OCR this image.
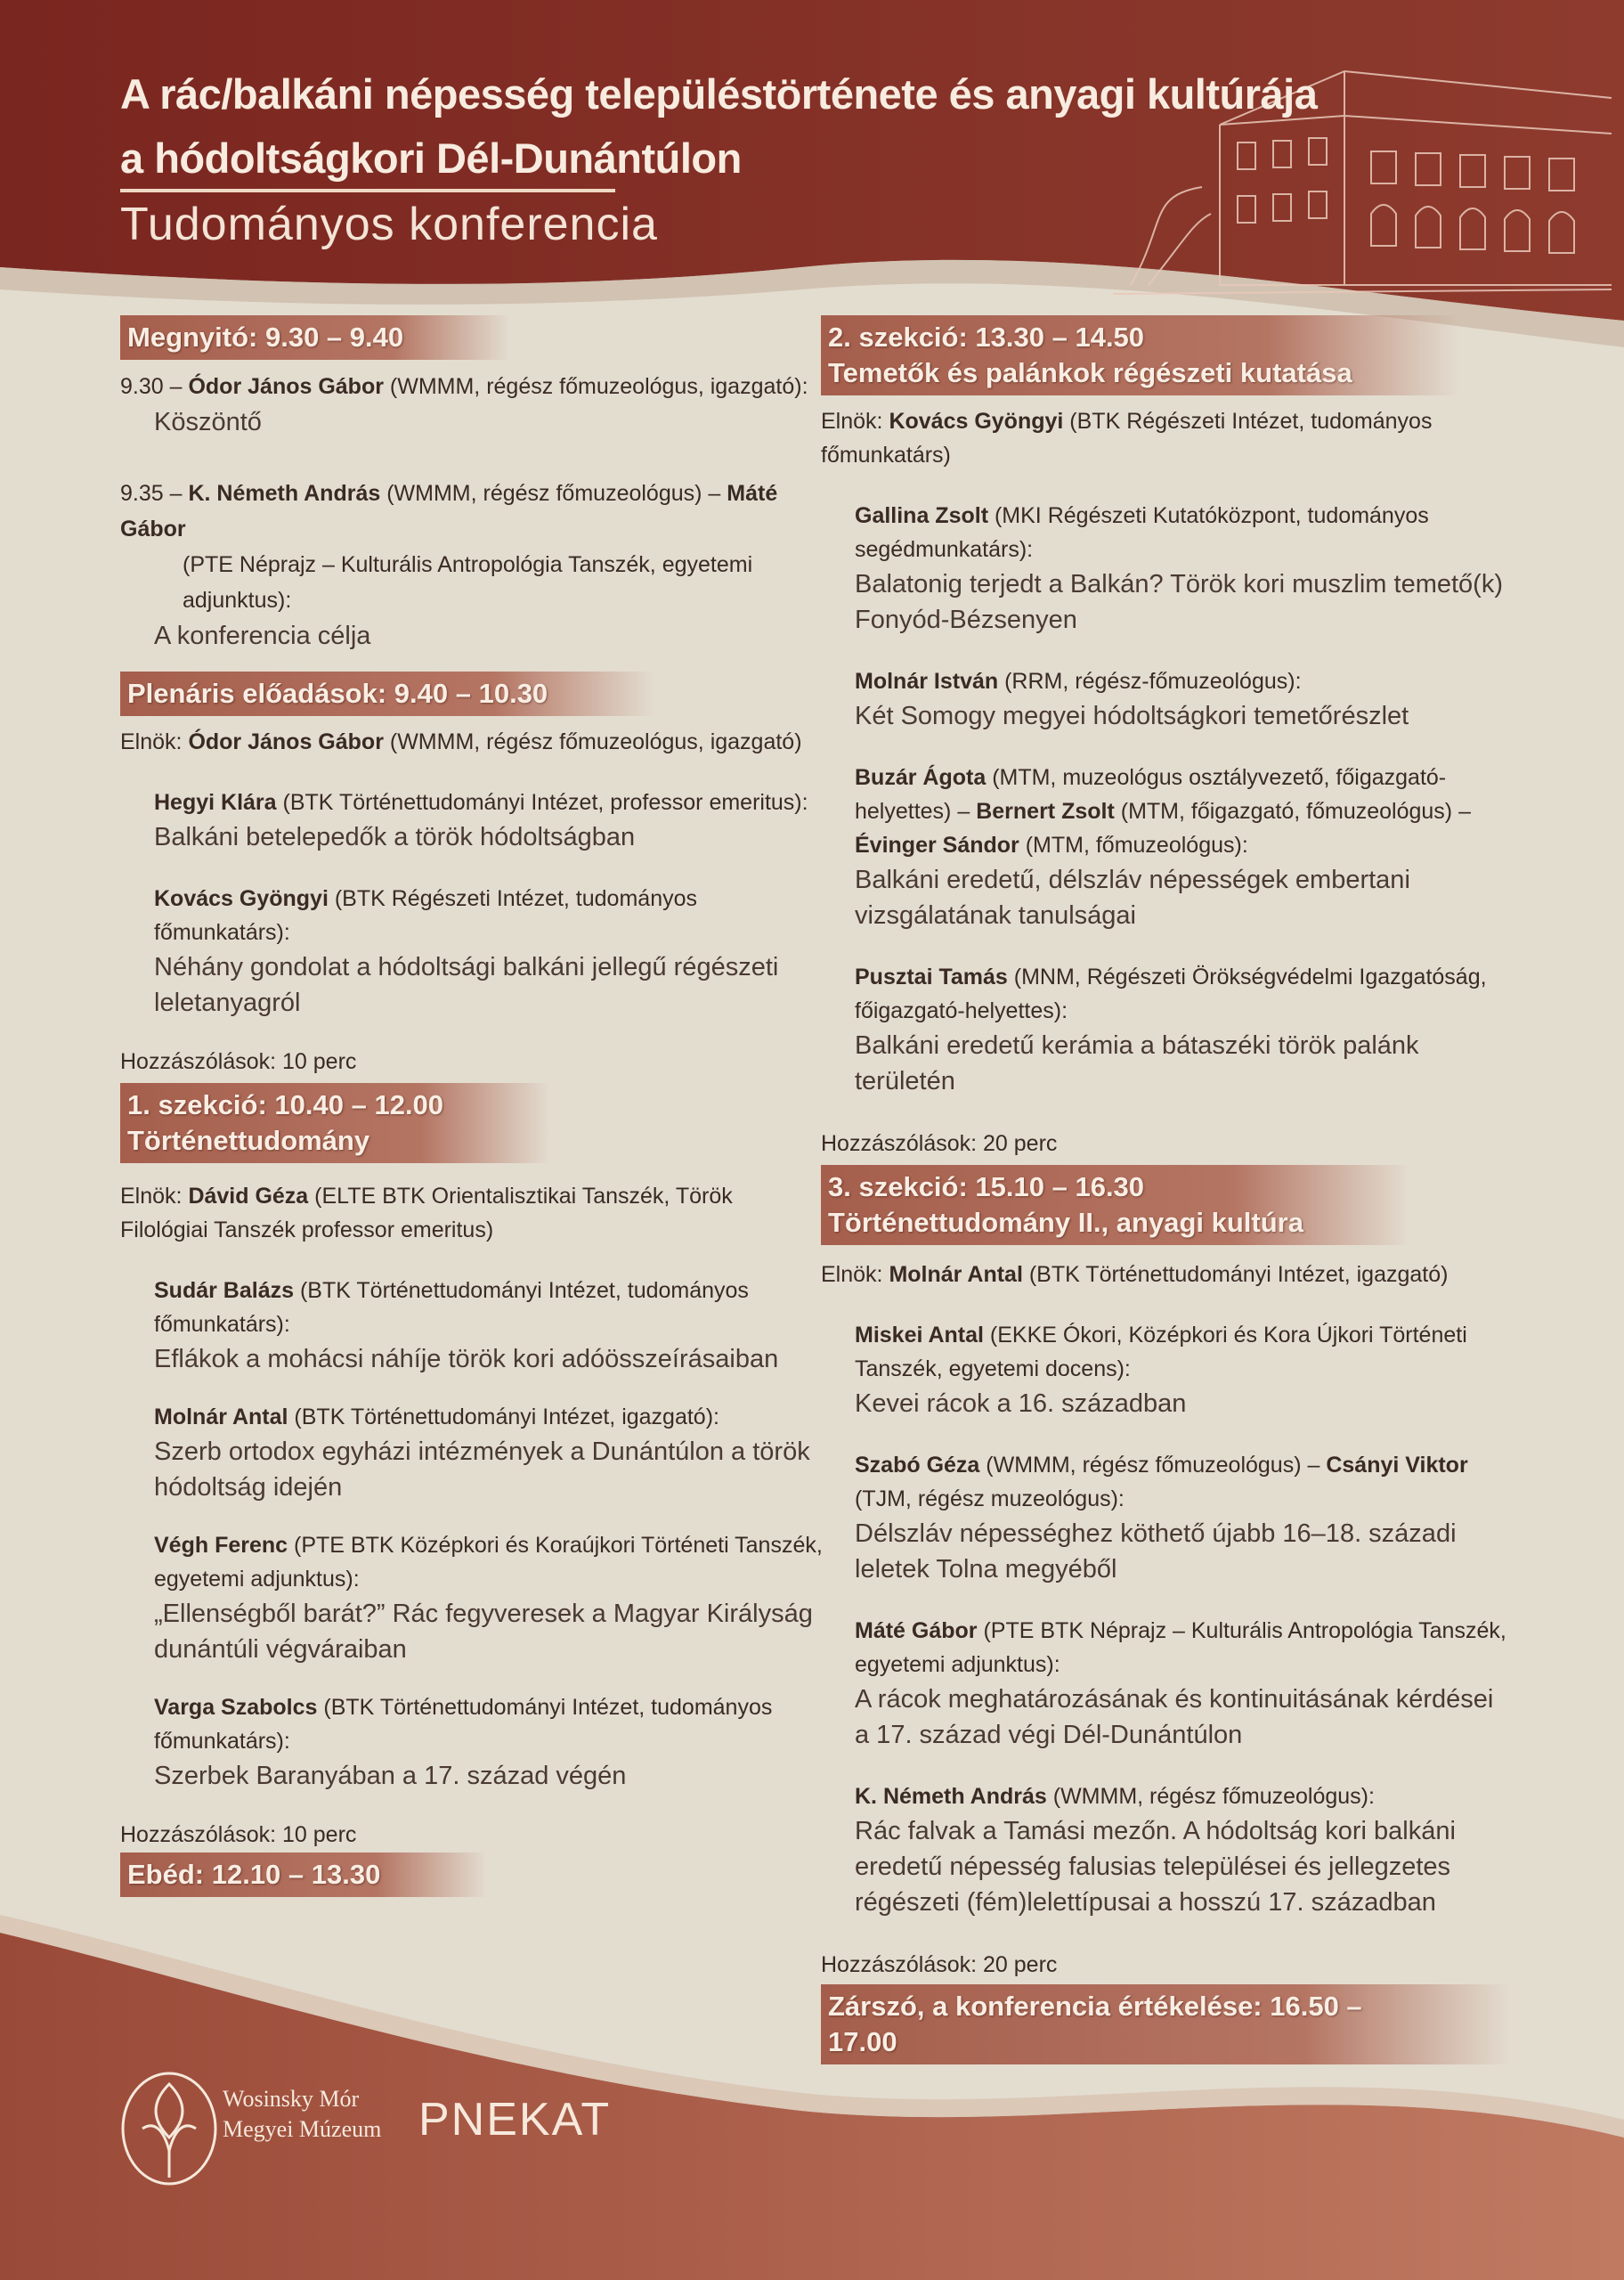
A rác/balkáni népesség településtörténete és anyagi kultúrája
a hódoltságkori Dél-Dunántúlon
Tudományos konferencia
Megnyitó: 9.30 – 9.40

9.30 – Ódor János Gábor (WMMM, régész főmuzeológus, igazgató):

Köszöntő

9.35 – K. Németh András (WMMM, régész főmuzeológus) – Máté Gábor

(PTE Néprajz – Kulturális Antropológia Tanszék, egyetemi adjunktus):

A konferencia célja
Plenáris előadások: 9.40 – 10.30

Elnök: Ódor János Gábor (WMMM, régész főmuzeológus, igazgató)

Hegyi Klára (BTK Történettudományi Intézet, professor emeritus):

Balkáni betelepedők a török hódoltságban

Kovács Gyöngyi (BTK Régészeti Intézet, tudományos főmunkatárs):

Néhány gondolat a hódoltsági balkáni jellegű régészeti leletanyagról

Hozzászólások: 10 perc

1. szekció: 10.40 – 12.00
Történettudomány

Elnök: Dávid Géza (ELTE BTK Orientalisztikai Tanszék, Török Filológiai Tanszék professor emeritus)

Sudár Balázs (BTK Történettudományi Intézet, tudományos főmunkatárs):

Eflákok a mohácsi náhíje török kori adóösszeírásaiban

Molnár Antal (BTK Történettudományi Intézet, igazgató):

Szerb ortodox egyházi intézmények a Dunántúlon a török hódoltság idején

Végh Ferenc (PTE BTK Középkori és Koraújkori Történeti Tanszék, egyetemi adjunktus):

„Ellenségből barát?” Rác fegyveresek a Magyar Királyság dunántúli végváraiban

Varga Szabolcs (BTK Történettudományi Intézet, tudományos főmunkatárs):

Szerbek Baranyában a 17. század végén

Hozzászólások: 10 perc

Ebéd: 12.10 – 13.30
2. szekció: 13.30 – 14.50
Temetők és palánkok régészeti kutatása

Elnök: Kovács Gyöngyi (BTK Régészeti Intézet, tudományos főmunkatárs)

Gallina Zsolt (MKI Régészeti Kutatóközpont, tudományos segédmunkatárs):

Balatonig terjedt a Balkán? Török kori muszlim temető(k) Fonyód-Bézsenyen

Molnár István (RRM, régész-főmuzeológus):

Két Somogy megyei hódoltságkori temetőrészlet

Buzár Ágota (MTM, muzeológus osztályvezető, főigazgató-helyettes) – Bernert Zsolt (MTM, főigazgató, főmuzeológus) – Évinger Sándor (MTM, főmuzeológus):

Balkáni eredetű, délszláv népességek embertani vizsgálatának tanulságai

Pusztai Tamás (MNM, Régészeti Örökségvédelmi Igazgatóság, főigazgató-helyettes):

Balkáni eredetű kerámia a bátaszéki török palánk területén

Hozzászólások: 20 perc

3. szekció: 15.10 – 16.30
Történettudomány II., anyagi kultúra

Elnök: Molnár Antal (BTK Történettudományi Intézet, igazgató)

Miskei Antal (EKKE Ókori, Középkori és Kora Újkori Történeti Tanszék, egyetemi docens):

Kevei rácok a 16. században

Szabó Géza (WMMM, régész főmuzeológus) – Csányi Viktor (TJM, régész muzeológus):

Délszláv népességhez köthető újabb 16–18. századi leletek Tolna megyéből

Máté Gábor (PTE BTK Néprajz – Kulturális Antropológia Tanszék, egyetemi adjunktus):

A rácok meghatározásának és kontinuitásának kérdései a 17. század végi Dél-Dunántúlon

K. Németh András (WMMM, régész főmuzeológus):

Rác falvak a Tamási mezőn. A hódoltság kori balkáni eredetű népesség falusias települései és jellegzetes régészeti (fém)lelettípusai a hosszú 17. században

Hozzászólások: 20 perc

Zárszó, a konferencia értékelése: 16.50 – 17.00
Wosinsky Mór
Megyei Múzeum PNEKAT
